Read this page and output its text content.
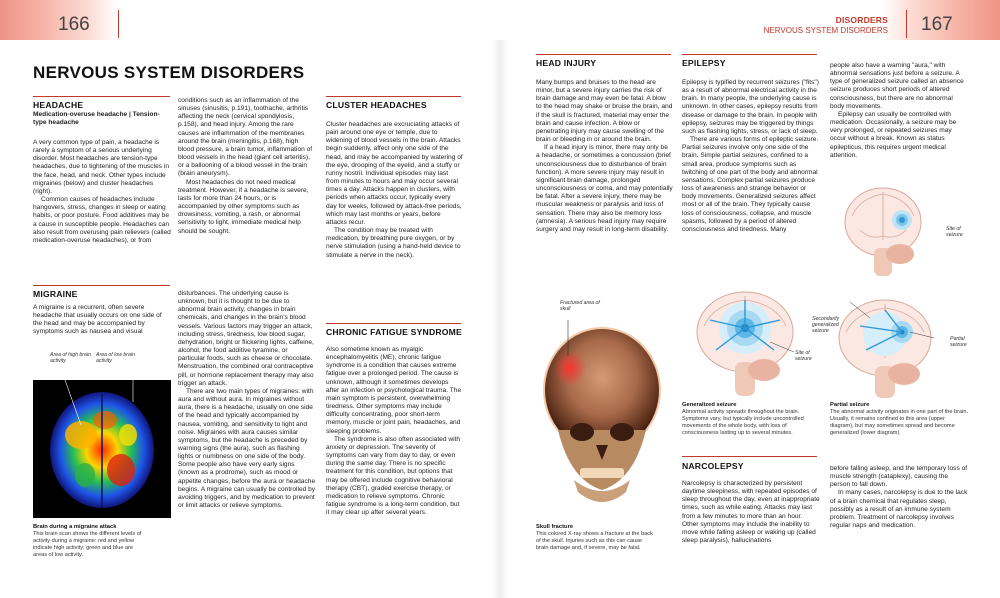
166	167
DISORDERS
NERVOUS SYSTEM DISORDERS
NERVOUS SYSTEM DISORDERS
HEADACHE
Medication-overuse headache | Tension-type headache

A very common type of pain, a headache is rarely a symptom of a serious underlying disorder. Most headaches are tension-type headaches, due to tightening of the muscles in the face, head, and neck. Other types include migraines (below) and cluster headaches (right).

Common causes of headaches include hangovers, stress, changes in sleep or eating habits, or poor posture. Food additives may be a cause in susceptible people. Headaches can also result from overusing pain relievers (called medication-overuse headaches), or from

conditions such as an inflammation of the sinuses (sinusitis, p.191), toothache, arthritis affecting the neck (cervical spondylosis, p.158), and head injury. Among the rare causes are inflammation of the membranes around the brain (meningitis, p.168), high blood pressure, a brain tumor, inflammation of blood vessels in the head (giant cell arteritis), or a ballooning of a blood vessel in the brain (brain aneurysm).

Most headaches do not need medical treatment. However, if a headache is severe, lasts for more than 24 hours, or is accompanied by other symptoms such as drowsiness, vomiting, a rash, or abnormal sensitivity to light, immediate medical help should be sought.

MIGRAINE

A migraine is a recurrent, often severe headache that usually occurs on one side of the head and may be accompanied by symptoms such as nausea and visual

Area of high brain activity
Area of low brain activity
Brain during a migraine attack
This brain scan shows the different levels of activity during a migraine: red and yellow indicate high activity; green and blue are areas of low activity.

disturbances. The underlying cause is unknown, but it is thought to be due to abnormal brain activity, changes in brain chemicals, and changes in the brain's blood vessels. Various factors may trigger an attack, including stress, tiredness, low blood sugar, dehydration, bright or flickering lights, caffeine, alcohol, the food additive tyramine, or particular foods, such as cheese or chocolate. Menstruation, the combined oral contraceptive pill, or hormone replacement therapy may also trigger an attack.

There are two main types of migraines: with aura and without aura. In migraines without aura, there is a headache, usually on one side of the head and typically accompanied by nausea, vomiting, and sensitivity to light and noise. Migraines with aura causes similar symptoms, but the headache is preceded by warning signs (the aura), such as flashing lights or numbness on one side of the body. Some people also have very early signs (known as a prodrome), such as mood or appetite changes, before the aura or headache begins. A migraine can usually be controlled by avoiding triggers, and by medication to prevent or limit attacks or relieve symptoms.

CLUSTER HEADACHES

Cluster headaches are excruciating attacks of pain around one eye or temple, due to widening of blood vessels in the brain. Attacks begin suddenly, affect only one side of the head, and may be accompanied by watering of the eye, drooping of the eyelid, and a stuffy or runny nostril. Individual episodes may last from minutes to hours and may occur several times a day. Attacks happen in clusters, with periods when attacks occur, typically every day for weeks, followed by attack-free periods, which may last months or years, before attacks recur.

The condition may be treated with medication, by breathing pure oxygen, or by nerve stimulation (using a hand-held device to stimulate a nerve in the neck).

CHRONIC FATIGUE SYNDROME

Also sometime known as myalgic encephalomyelitis (ME), chronic fatigue syndrome is a condition that causes extreme fatigue over a prolonged period. The cause is unknown, although it sometimes develops after an infection or psychological trauma. The main symptom is persistent, overwhelming tiredness. Other symptoms may include difficulty concentrating, poor short-term memory, muscle or joint pain, headaches, and sleeping problems.

The syndrome is also often associated with anxiety or depression. The severity of symptoms can vary from day to day, or even during the same day. There is no specific treatment for this condition, but options that may be offered include cognitive behavioral therapy (CBT), graded exercise therapy, or medication to relieve symptoms. Chronic fatigue syndrome is a long-term condition, but it may clear up after several years.

HEAD INJURY

Many bumps and bruises to the head are minor, but a severe injury carries the risk of brain damage and may even be fatal. A blow to the head may shake or bruise the brain, and if the skull is fractured, material may enter the brain and cause infection. A blow or penetrating injury may cause swelling of the brain or bleeding in or around the brain.

If a head injury is minor, there may only be a headache, or sometimes a concussion (brief unconsciousness due to disturbance of brain function). A more severe injury may result in significant brain damage, prolonged unconsciousness or coma, and may potentially be fatal. After a severe injury, there may be muscular weakness or paralysis and loss of sensation. There may also be memory loss (amnesia). A serious head injury may require surgery and may result in long-term disability.

Fractured area of skull
Skull fracture
This colored X-ray shows a fracture at the back of the skull. Injuries such as this can cause brain damage and, if severe, may be fatal.
EPILEPSY

Epilepsy is typified by recurrent seizures ("fits") as a result of abnormal electrical activity in the brain. In many people, the underlying cause is unknown. In other cases, epilepsy results from disease or damage to the brain. In people with epilepsy, seizures may be triggered by things such as flashing lights, stress, or lack of sleep.

There are various forms of epileptic seizure. Partial seizures involve only one side of the brain. Simple partial seizures, confined to a small area, produce symptoms such as twitching of one part of the body and abnormal sensations. Complex partial seizures produce loss of awareness and strange behavior or body movements. Generalized seizures affect most or all of the brain. They typically cause loss of consciousness, collapse, and muscle spasms, followed by a period of altered consciousness and tiredness. Many

people also have a warning "aura," with abnormal sensations just before a seizure. A type of generalized seizure called an absence seizure produces short periods of altered consciousness, but there are no abnormal body movements.

Epilepsy can usually be controlled with medication. Occasionally, a seizure may be very prolonged, or repeated seizures may occur without a break. Known as status epilepticus, this requires urgent medical attention.

Site of seizure
Site of seizure
Generalized seizure
Abnormal activity spreads throughout the brain. Symptoms vary, but typically include uncontrolled movements of the whole body, with loss of consciousness lasting up to several minutes.
Secondarily generalized seizure
Partial seizure
Partial seizure
The abnormal activity originates in one part of the brain. Usually, it remains confined to this area (upper diagram), but may sometimes spread and become generalized (lower diagram).
NARCOLEPSY

Narcolepsy is characterized by persistent daytime sleepiness, with repeated episodes of sleep throughout the day, even at inappropriate times, such as while eating. Attacks may last from a few minutes to more than an hour. Other symptoms may include the inability to move while falling asleep or waking up (called sleep paralysis), hallucinations

before falling asleep, and the temporary loss of muscle strength (cataplexy), causing the person to fall down.

In many cases, narcolepsy is due to the lack of a brain chemical that regulates sleep, possibly as a result of an immune system problem. Treatment of narcolepsy involves regular naps and medication.
